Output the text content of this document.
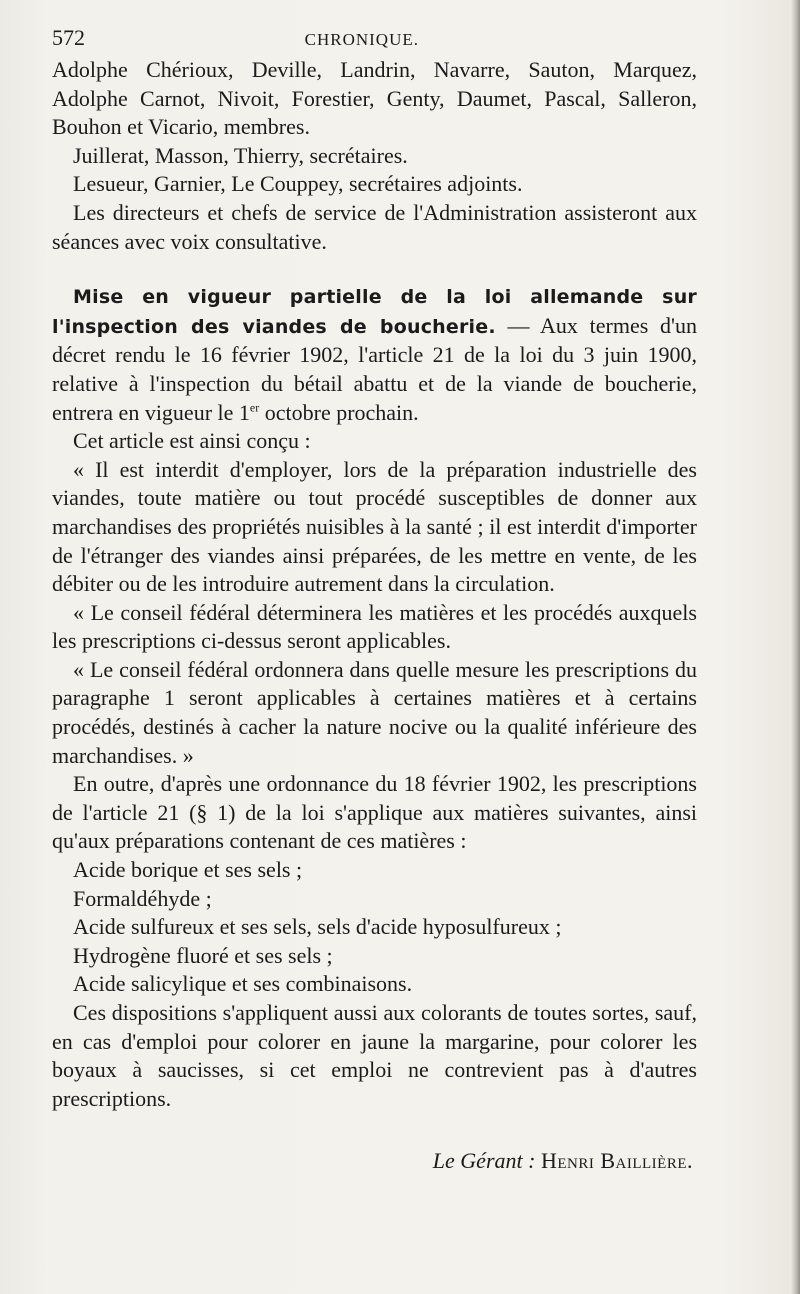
572	CHRONIQUE.

Adolphe Chérioux, Deville, Landrin, Navarre, Sauton, Marquez, Adolphe Carnot, Nivoit, Forestier, Genty, Daumet, Pascal, Salleron, Bouhon et Vicario, membres.

Juillerat, Masson, Thierry, secrétaires.

Lesueur, Garnier, Le Couppey, secrétaires adjoints.

Les directeurs et chefs de service de l'Administration assisteront aux séances avec voix consultative.

Mise en vigueur partielle de la loi allemande sur l'inspection des viandes de boucherie. — Aux termes d'un décret rendu le 16 février 1902, l'article 21 de la loi du 3 juin 1900, relative à l'inspection du bétail abattu et de la viande de boucherie, entrera en vigueur le 1er octobre prochain.

Cet article est ainsi conçu :

« Il est interdit d'employer, lors de la préparation industrielle des viandes, toute matière ou tout procédé susceptibles de donner aux marchandises des propriétés nuisibles à la santé ; il est interdit d'importer de l'étranger des viandes ainsi préparées, de les mettre en vente, de les débiter ou de les introduire autrement dans la circulation.

« Le conseil fédéral déterminera les matières et les procédés auxquels les prescriptions ci-dessus seront applicables.

« Le conseil fédéral ordonnera dans quelle mesure les prescriptions du paragraphe 1 seront applicables à certaines matières et à certains procédés, destinés à cacher la nature nocive ou la qualité inférieure des marchandises. »

En outre, d'après une ordonnance du 18 février 1902, les prescriptions de l'article 21 (§ 1) de la loi s'applique aux matières suivantes, ainsi qu'aux préparations contenant de ces matières :

Acide borique et ses sels ;
Formaldéhyde ;
Acide sulfureux et ses sels, sels d'acide hyposulfureux ;
Hydrogène fluoré et ses sels ;
Acide salicylique et ses combinaisons.

Ces dispositions s'appliquent aussi aux colorants de toutes sortes, sauf, en cas d'emploi pour colorer en jaune la margarine, pour colorer les boyaux à saucisses, si cet emploi ne contrevient pas à d'autres prescriptions.

Le Gérant : Henri Baillière.
